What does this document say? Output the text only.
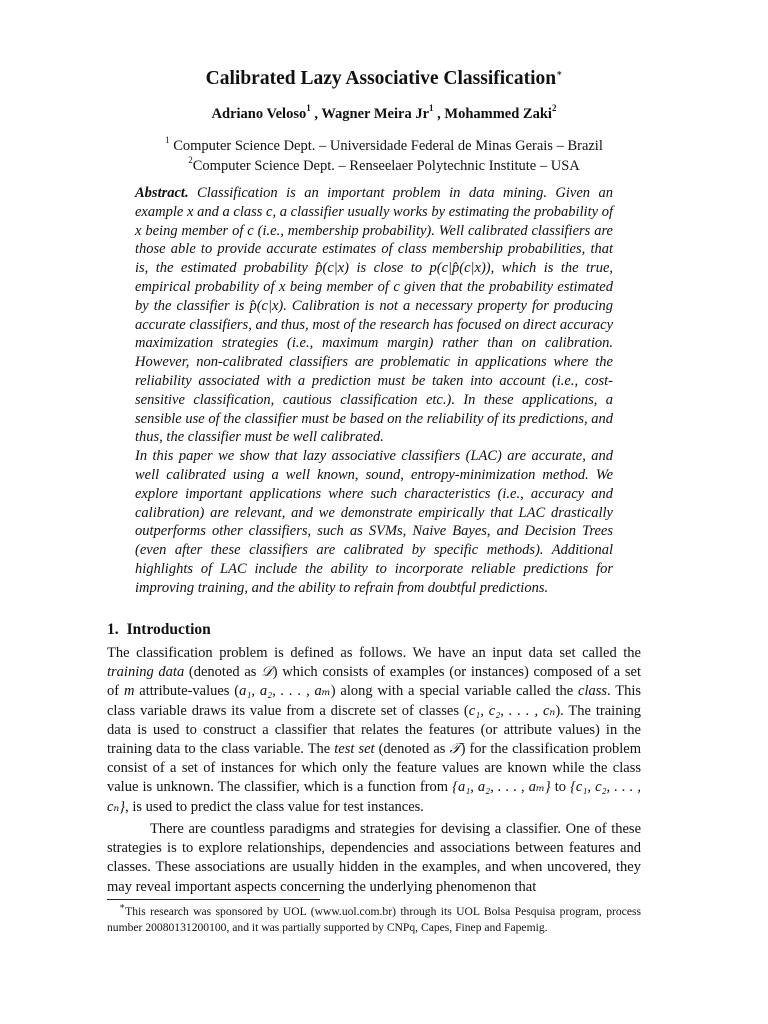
Calibrated Lazy Associative Classification∗
Adriano Veloso$^1$ , Wagner Meira Jr$^1$ , Mohammed Zaki$^2$
$^1$ Computer Science Dept. – Universidade Federal de Minas Gerais – Brazil
$^2$Computer Science Dept. – Renseelaer Polytechnic Institute – USA

Abstract. Classification is an important problem in data mining. Given an example x and a class c, a classifier usually works by estimating the probability of x being member of c (i.e., membership probability). Well calibrated classifiers are those able to provide accurate estimates of class membership probabilities, that is, the estimated probability p̂(c|x) is close to p(c|p̂(c|x)), which is the true, empirical probability of x being member of c given that the probability estimated by the classifier is p̂(c|x). Calibration is not a necessary property for producing accurate classifiers, and thus, most of the research has focused on direct accuracy maximization strategies (i.e., maximum margin) rather than on calibration. However, non-calibrated classifiers are problematic in applications where the reliability associated with a prediction must be taken into account (i.e., cost-sensitive classification, cautious classification etc.). In these applications, a sensible use of the classifier must be based on the reliability of its predictions, and thus, the classifier must be well calibrated.

In this paper we show that lazy associative classifiers (LAC) are accurate, and well calibrated using a well known, sound, entropy-minimization method. We explore important applications where such characteristics (i.e., accuracy and calibration) are relevant, and we demonstrate empirically that LAC drastically outperforms other classifiers, such as SVMs, Naive Bayes, and Decision Trees (even after these classifiers are calibrated by specific methods). Additional highlights of LAC include the ability to incorporate reliable predictions for improving training, and the ability to refrain from doubtful predictions.

1. Introduction

The classification problem is defined as follows. We have an input data set called the training data (denoted as 𝒟) which consists of examples (or instances) composed of a set of m attribute-values (a₁, a₂, . . . , aₘ) along with a special variable called the class. This class variable draws its value from a discrete set of classes (c₁, c₂, . . . , cₙ). The training data is used to construct a classifier that relates the features (or attribute values) in the training data to the class variable. The test set (denoted as 𝒯) for the classification problem consist of a set of instances for which only the feature values are known while the class value is unknown. The classifier, which is a function from {a₁, a₂, . . . , aₘ} to {c₁, c₂, . . . , cₙ}, is used to predict the class value for test instances.

There are countless paradigms and strategies for devising a classifier. One of these strategies is to explore relationships, dependencies and associations between features and classes. These associations are usually hidden in the examples, and when uncovered, they may reveal important aspects concerning the underlying phenomenon that

∗This research was sponsored by UOL (www.uol.com.br) through its UOL Bolsa Pesquisa program, process number 20080131200100, and it was partially supported by CNPq, Capes, Finep and Fapemig.
